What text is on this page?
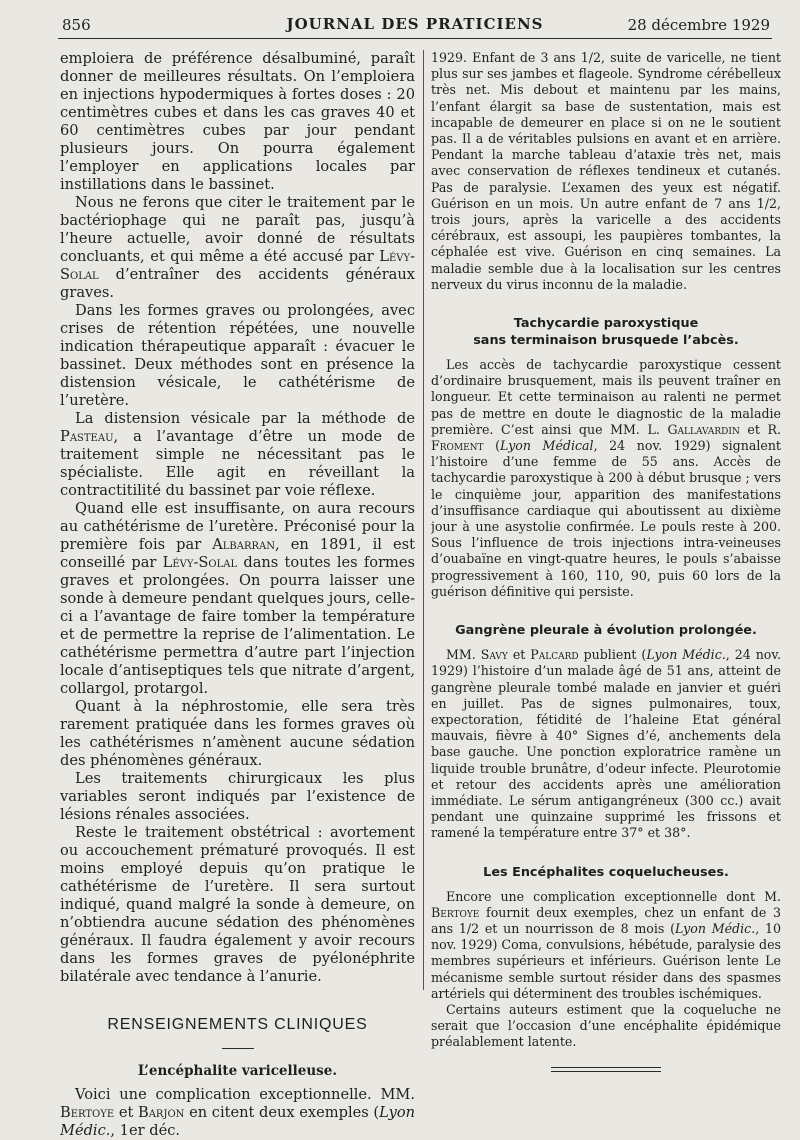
856	JOURNAL DES PRATICIENS	28 décembre 1929

emploiera de préférence désalbuminé, paraît donner de meilleures résultats. On l’emploiera en injections hypodermiques à fortes doses : 20 centimètres cubes et dans les cas graves 40 et 60 centimètres cubes par jour pendant plusieurs jours. On pourra également l’employer en applications locales par instillations dans le bassinet.

Nous ne ferons que citer le traitement par le bactériophage qui ne paraît pas, jusqu’à l’heure actuelle, avoir donné de résultats concluants, et qui même a été accusé par Lévy-Solal d’entraîner des accidents généraux graves.

Dans les formes graves ou prolongées, avec crises de rétention répétées, une nouvelle indication thérapeutique apparaît : évacuer le bassinet. Deux méthodes sont en présence la distension vésicale, le cathétérisme de l’uretère.

La distension vésicale par la méthode de Pasteau, a l’avantage d’être un mode de traitement simple ne nécessitant pas le spécialiste. Elle agit en réveillant la contractitilité du bassinet par voie réflexe.

Quand elle est insuffisante, on aura recours au cathétérisme de l’uretère. Préconisé pour la première fois par Albarran, en 1891, il est conseillé par Lévy-Solal dans toutes les formes graves et prolongées. On pourra laisser une sonde à demeure pendant quelques jours, celle-ci a l’avantage de faire tomber la température et de permettre la reprise de l’alimentation. Le cathétérisme permettra d’autre part l’injection locale d’antiseptiques tels que nitrate d’argent, collargol, protargol.

Quant à la néphrostomie, elle sera très rarement pratiquée dans les formes graves où les cathétérismes n’amènent aucune sédation des phénomènes généraux.

Les traitements chirurgicaux les plus variables seront indiqués par l’existence de lésions rénales associées.

Reste le traitement obstétrical : avortement ou accouchement prématuré provoqués. Il est moins employé depuis qu’on pratique le cathétérisme de l’uretère. Il sera surtout indiqué, quand malgré la sonde à demeure, on n’obtiendra aucune sédation des phénomènes généraux. Il faudra également y avoir recours dans les formes graves de pyélonéphrite bilatérale avec tendance à l’anurie.

RENSEIGNEMENTS CLINIQUES
L’encéphalite varicelleuse.

Voici une complication exceptionnelle. MM. Bertoye et Barjon en citent deux exemples (Lyon Médic., 1er déc.

1929. Enfant de 3 ans 1/2, suite de varicelle, ne tient plus sur ses jambes et flageole. Syndrome cérébelleux très net. Mis debout et maintenu par les mains, l’enfant élargit sa base de sustentation, mais est incapable de demeurer en place si on ne le soutient pas. Il a de véritables pulsions en avant et en arrière. Pendant la marche tableau d’ataxie très net, mais avec conservation de réflexes tendineux et cutanés. Pas de paralysie. L’examen des yeux est négatif. Guérison en un mois. Un autre enfant de 7 ans 1/2, trois jours, après la varicelle a des accidents cérébraux, est assoupi, les paupières tombantes, la céphalée est vive. Guérison en cinq semaines. La maladie semble due à la localisation sur les centres nerveux du virus inconnu de la maladie.

Tachycardie paroxystique
sans terminaison brusquede l’abcès.

Les accès de tachycardie paroxystique cessent d’ordinaire brusquement, mais ils peuvent traîner en longueur. Et cette terminaison au ralenti ne permet pas de mettre en doute le diagnostic de la maladie première. C’est ainsi que MM. L. Gallavardin et R. Froment (Lyon Médical, 24 nov. 1929) signalent l’histoire d’une femme de 55 ans. Accès de tachycardie paroxystique à 200 à début brusque ; vers le cinquième jour, apparition des manifestations d’insuffisance cardiaque qui aboutissent au dixième jour à une asystolie confirmée. Le pouls reste à 200. Sous l’influence de trois injections intra-veineuses d’ouabaïne en vingt-quatre heures, le pouls s’abaisse progressivement à 160, 110, 90, puis 60 lors de la guérison définitive qui persiste.

Gangrène pleurale à évolution prolongée.

MM. Savy et Palcard publient (Lyon Médic., 24 nov. 1929) l’histoire d’un malade âgé de 51 ans, atteint de gangrène pleurale tombé malade en janvier et guéri en juillet. Pas de signes pulmonaires, toux, expectoration, fétidité de l’haleine Etat général mauvais, fièvre à 40° Signes d’é, anchements dela base gauche. Une ponction exploratrice ramène un liquide trouble brunâtre, d’odeur infecte. Pleurotomie et retour des accidents après une amélioration immédiate. Le sérum antigangréneux (300 cc.) avait pendant une quinzaine supprimé les frissons et ramené la température entre 37° et 38°.

Les Encéphalites coquelucheuses.

Encore une complication exceptionnelle dont M. Bertoye fournit deux exemples, chez un enfant de 3 ans 1/2 et un nourrisson de 8 mois (Lyon Médic., 10 nov. 1929) Coma, convulsions, hébétude, paralysie des membres supérieurs et inférieurs. Guérison lente Le mécanisme semble surtout résider dans des spasmes artériels qui déterminent des troubles ischémiques.

Certains auteurs estiment que la coqueluche ne serait que l’occasion d’une encéphalite épidémique préalablement latente.
